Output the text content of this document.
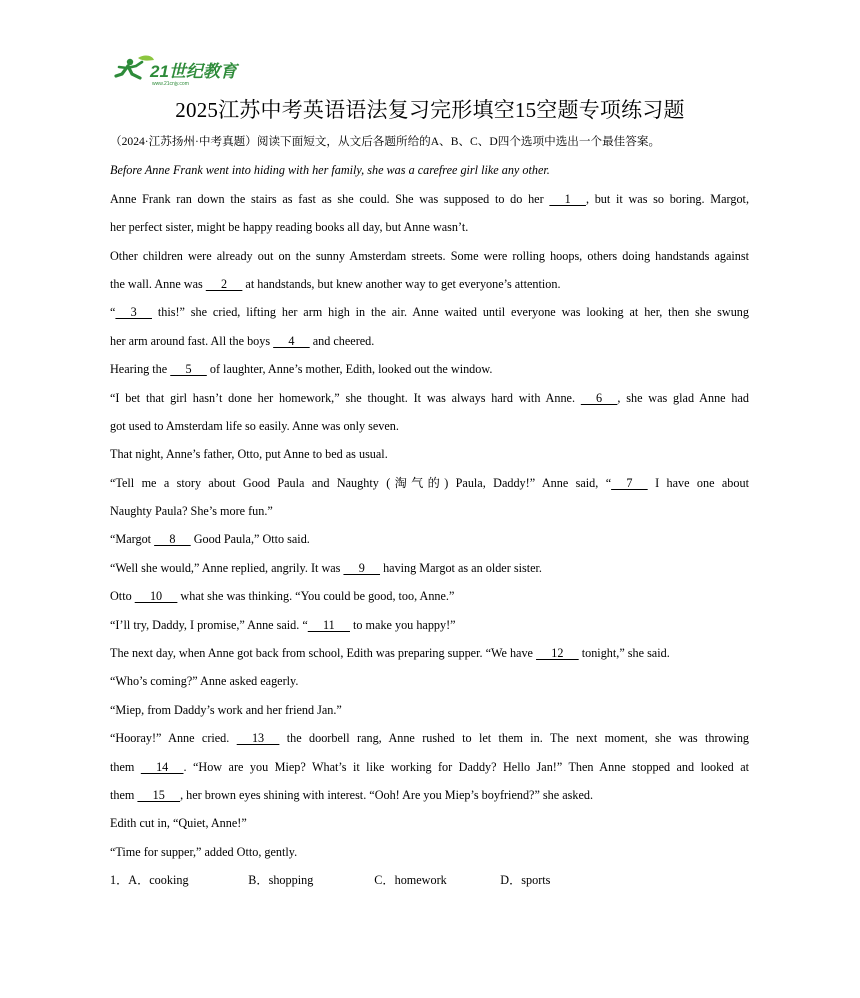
21世纪教育
www.21cnjy.com
2025江苏中考英语语法复习完形填空15空题专项练习题
（2024·江苏扬州·中考真题）阅读下面短文，从文后各题所给的A、B、C、D四个选项中选出一个最佳答案。
Before Anne Frank went into hiding with her family, she was a carefree girl like any other.
Anne Frank ran down the stairs as fast as she could. She was supposed to do her      1     , but it was so boring. Margot,
her perfect sister, might be happy reading books all day, but Anne wasn’t.
Other children were already out on the sunny Amsterdam streets. Some were rolling hoops, others doing handstands against
the wall. Anne was      2      at handstands, but knew another way to get everyone’s attention.
“     3      this!” she cried, lifting her arm high in the air. Anne waited until everyone was looking at her, then she swung
her arm around fast. All the boys      4      and cheered.
Hearing the      5      of laughter, Anne’s mother, Edith, looked out the window.
“I bet that girl hasn’t done her homework,” she thought. It was always hard with Anne.      6     , she was glad Anne had
got used to Amsterdam life so easily. Anne was only seven.
That night, Anne’s father, Otto, put Anne to bed as usual.
“Tell me a story about Good Paula and Naughty (淘气的) Paula, Daddy!” Anne said, “     7      I have one about
Naughty Paula? She’s more fun.”
“Margot      8      Good Paula,” Otto said.
“Well she would,” Anne replied, angrily. It was      9      having Margot as an older sister.
Otto      10      what she was thinking. “You could be good, too, Anne.”
“I’ll try, Daddy, I promise,” Anne said. “     11      to make you happy!”
The next day, when Anne got back from school, Edith was preparing supper. “We have      12      tonight,” she said.
“Who’s coming?” Anne asked eagerly.
“Miep, from Daddy’s work and her friend Jan.”
“Hooray!” Anne cried.      13      the doorbell rang, Anne rushed to let them in. The next moment, she was throwing
them      14     . “How are you Miep? What’s it like working for Daddy? Hello Jan!” Then Anne stopped and looked at
them      15     , her brown eyes shining with interest. “Ooh! Are you Miep’s boyfriend?” she asked.
Edith cut in, “Quiet, Anne!”
“Time for supper,” added Otto, gently.
1．A．cooking	B．shopping	C．homework	D．sports
